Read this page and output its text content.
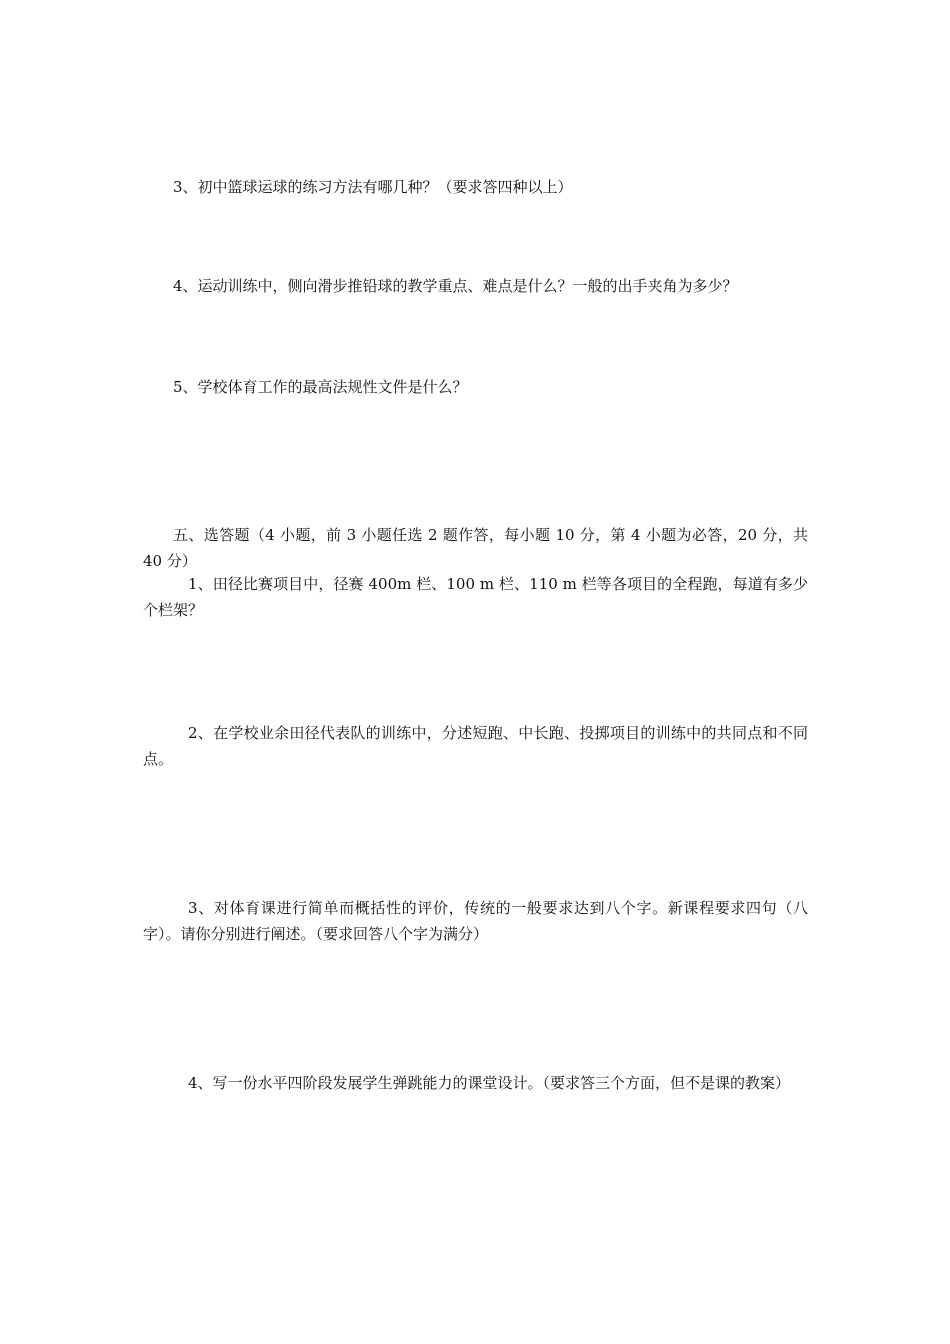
3、初中篮球运球的练习方法有哪几种？（要求答四种以上）

4、运动训练中，侧向滑步推铅球的教学重点、难点是什么？一般的出手夹角为多少？

5、学校体育工作的最高法规性文件是什么？

五、选答题（4 小题，前 3 小题任选 2 题作答，每小题 10 分，第 4 小题为必答，20 分，共 40 分）

1、田径比赛项目中，径赛 400m 栏、100 m 栏、110 m 栏等各项目的全程跑，每道有多少个栏架？

2、在学校业余田径代表队的训练中，分述短跑、中长跑、投掷项目的训练中的共同点和不同点。

3、对体育课进行简单而概括性的评价，传统的一般要求达到八个字。新课程要求四句（八字）。请你分别进行阐述。（要求回答八个字为满分）

4、写一份水平四阶段发展学生弹跳能力的课堂设计。（要求答三个方面，但不是课的教案）
